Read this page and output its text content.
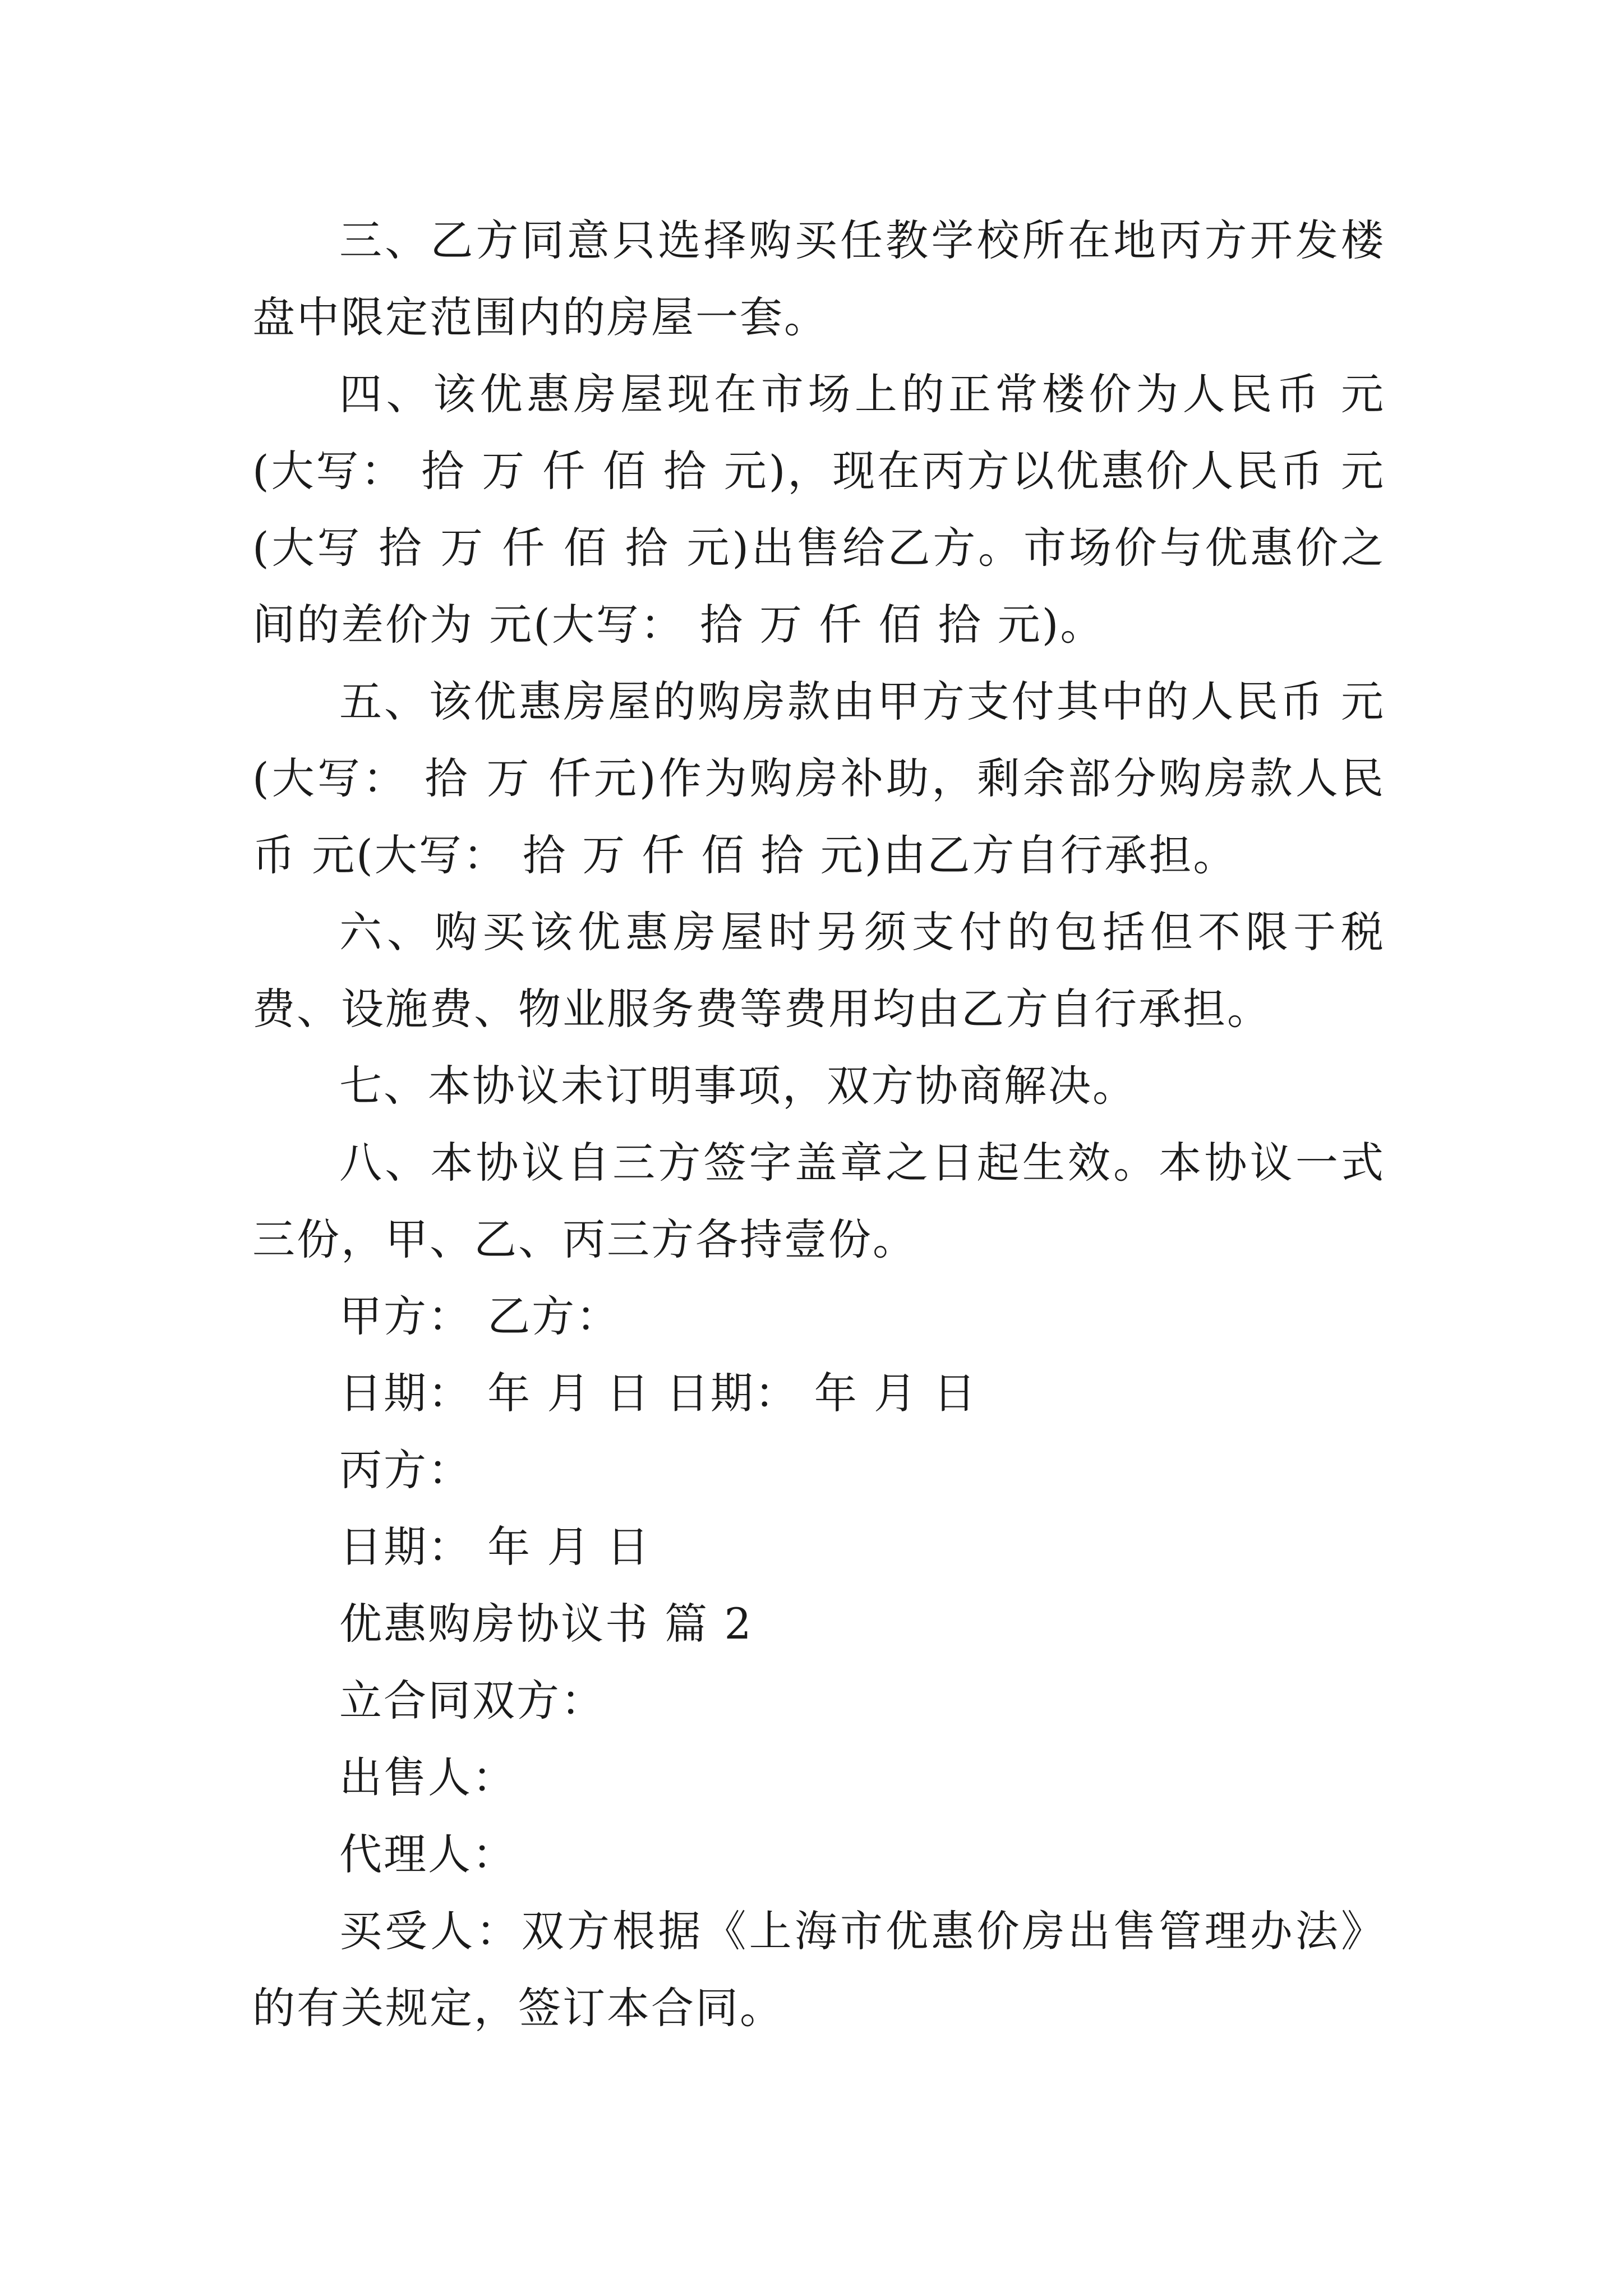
三、乙方同意只选择购买任教学校所在地丙方开发楼盘中限定范围内的房屋一套。

四、该优惠房屋现在市场上的正常楼价为人民币 元(大写： 拾 万 仟 佰 拾 元)，现在丙方以优惠价人民币 元(大写 拾 万 仟 佰 拾 元)出售给乙方。市场价与优惠价之间的差价为 元(大写： 拾 万 仟 佰 拾 元)。

五、该优惠房屋的购房款由甲方支付其中的人民币 元(大写： 拾 万 仟元)作为购房补助，剩余部分购房款人民币 元(大写： 拾 万 仟 佰 拾 元)由乙方自行承担。

六、购买该优惠房屋时另须支付的包括但不限于税费、设施费、物业服务费等费用均由乙方自行承担。

七、本协议未订明事项，双方协商解决。

八、本协议自三方签字盖章之日起生效。本协议一式三份，甲、乙、丙三方各持壹份。

甲方： 乙方：

日期： 年 月 日 日期： 年 月 日

丙方：

日期： 年 月 日

优惠购房协议书 篇 2

立合同双方：

出售人：

代理人：

买受人：双方根据《上海市优惠价房出售管理办法》的有关规定，签订本合同。
